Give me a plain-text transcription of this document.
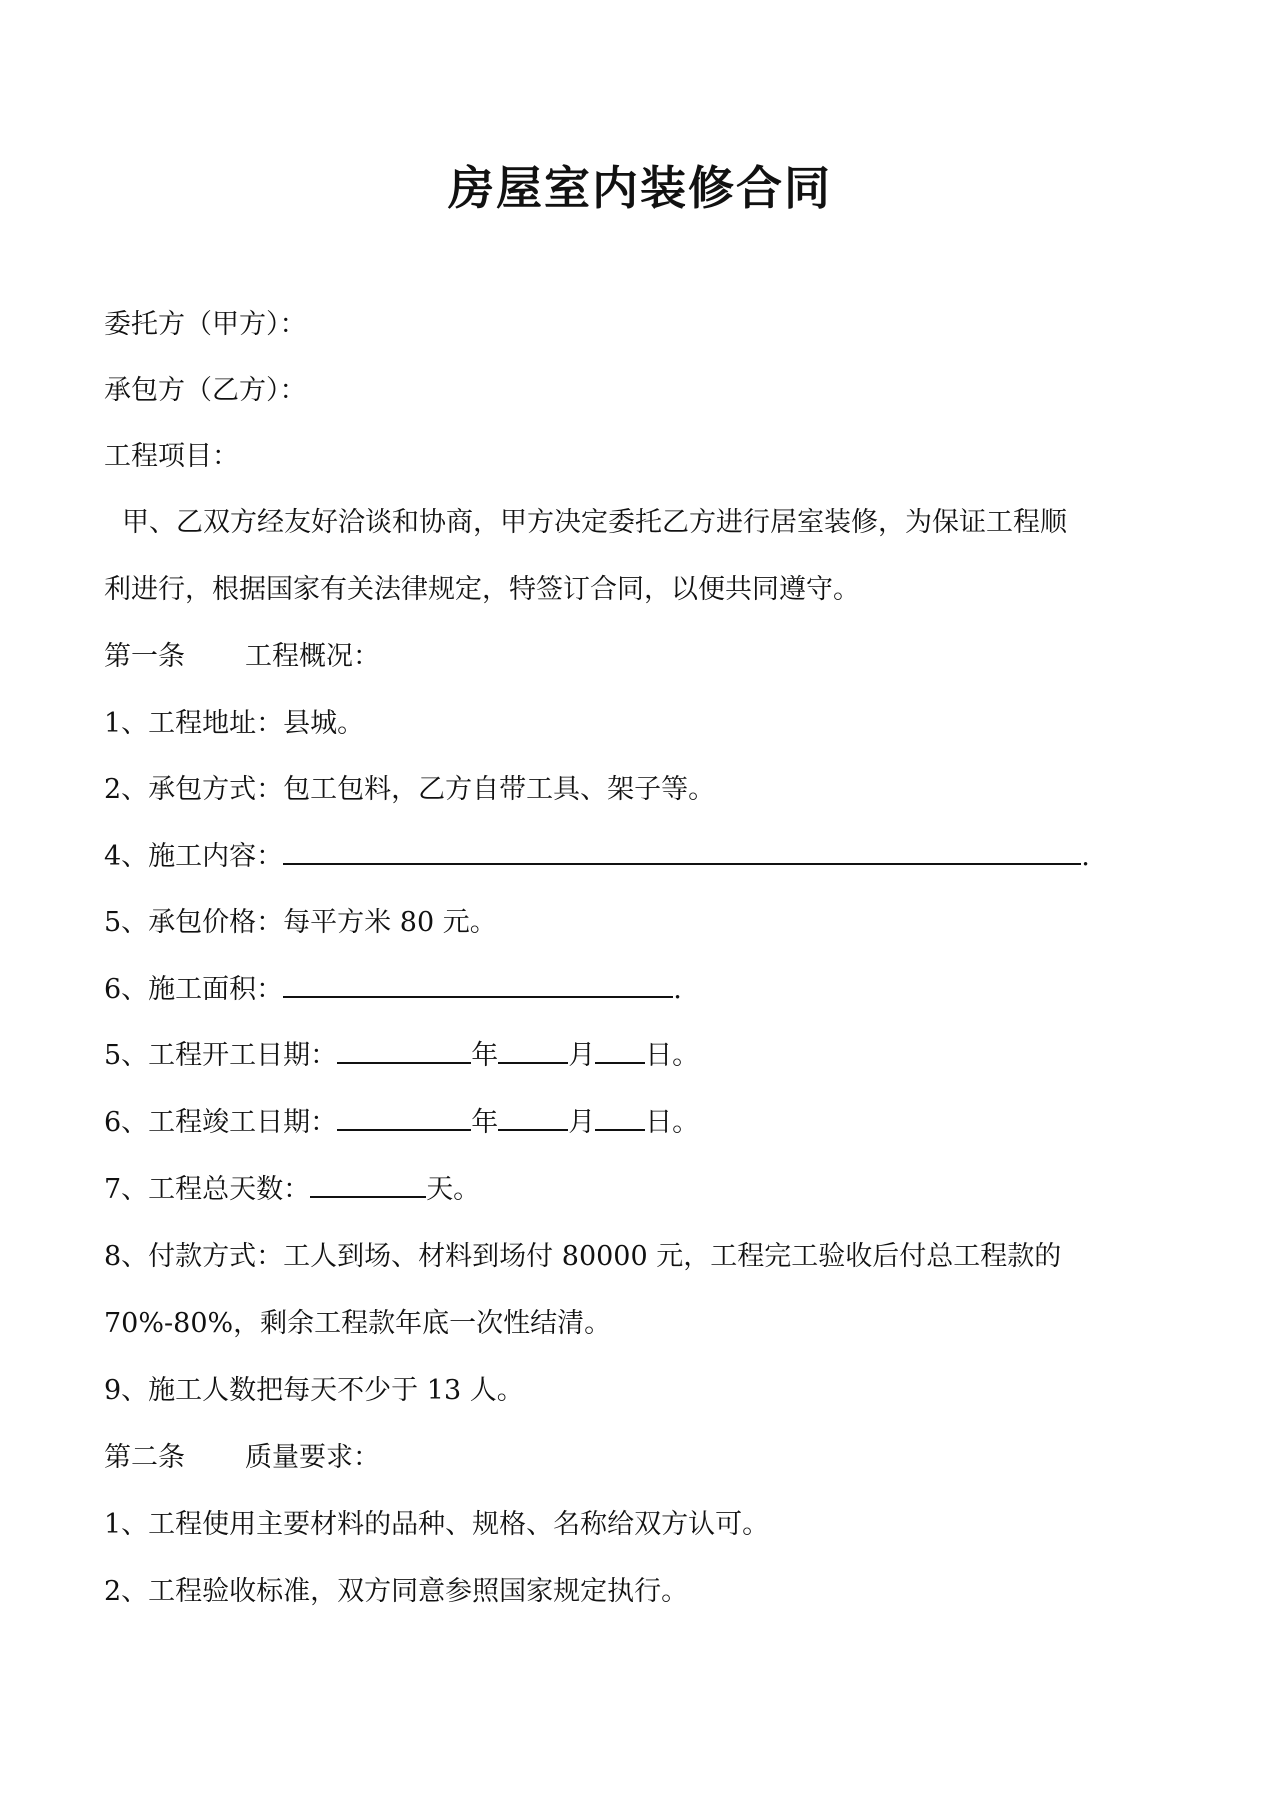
房屋室内装修合同
委托方（甲方）：
承包方（乙方）：
工程项目：
甲、乙双方经友好洽谈和协商，甲方决定委托乙方进行居室装修，为保证工程顺
利进行，根据国家有关法律规定，特签订合同，以便共同遵守。
第一条 工程概况：
1、工程地址：县城。
2、承包方式：包工包料，乙方自带工具、架子等。
4、施工内容：	.
5、承包价格：每平方米 80 元。
6、施工面积：	.
5、工程开工日期：	年	月 日。
6、工程竣工日期：	年	月 日。
7、工程总天数：	天。
8、付款方式：工人到场、材料到场付 80000 元，工程完工验收后付总工程款的
70%-80%，剩余工程款年底一次性结清。
9、施工人数把每天不少于 13 人。
第二条 质量要求：
1、工程使用主要材料的品种、规格、名称给双方认可。
2、工程验收标准，双方同意参照国家规定执行。
